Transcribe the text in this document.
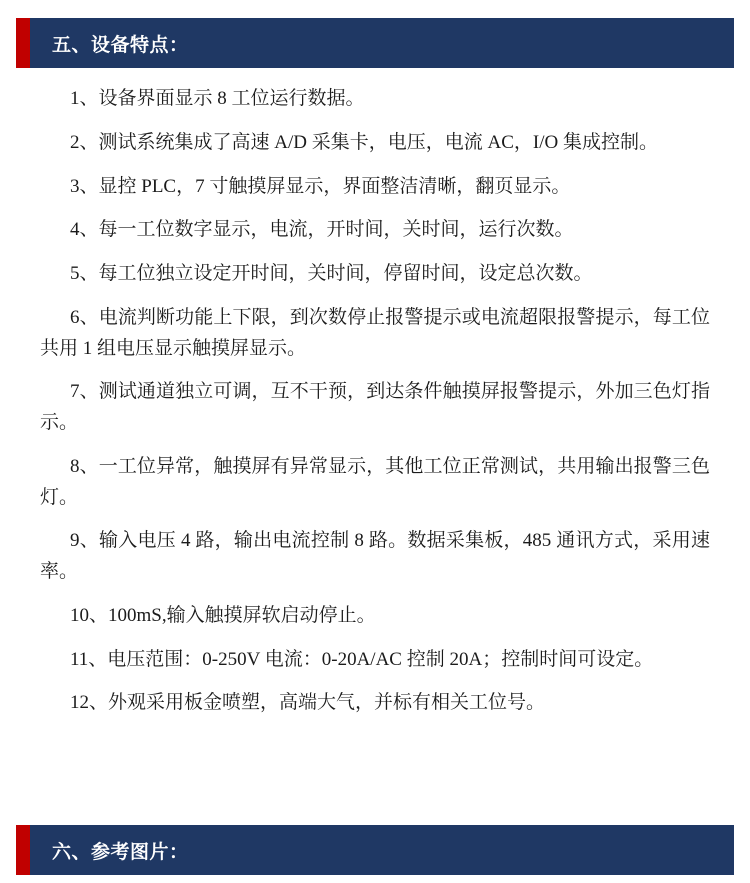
五、设备特点：

1、设备界面显示 8 工位运行数据。

2、测试系统集成了高速 A/D 采集卡，电压，电流 AC，I/O 集成控制。

3、显控 PLC，7 寸触摸屏显示，界面整洁清晰，翻页显示。

4、每一工位数字显示，电流，开时间，关时间，运行次数。

5、每工位独立设定开时间，关时间，停留时间，设定总次数。

6、电流判断功能上下限，到次数停止报警提示或电流超限报警提示，每工位共用 1 组电压显示触摸屏显示。

7、测试通道独立可调，互不干预，到达条件触摸屏报警提示，外加三色灯指示。

8、一工位异常，触摸屏有异常显示，其他工位正常测试，共用输出报警三色灯。

9、输入电压 4 路，输出电流控制 8 路。数据采集板，485 通讯方式，采用速率。

10、100mS,输入触摸屏软启动停止。

11、电压范围：0-250V 电流：0-20A/AC 控制 20A；控制时间可设定。

12、外观采用板金喷塑，高端大气，并标有相关工位号。

六、参考图片：
